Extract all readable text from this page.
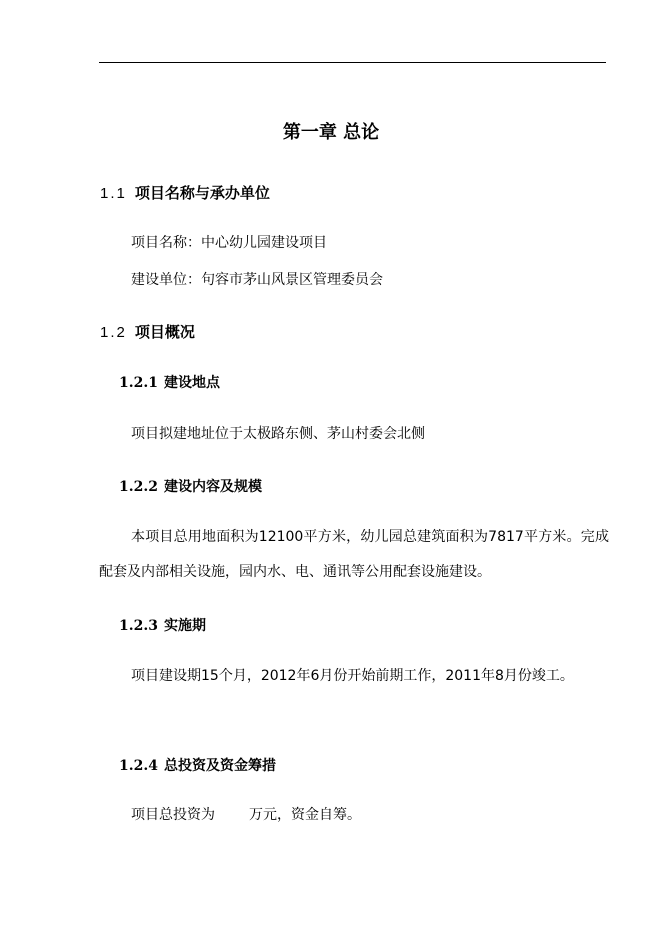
第一章 总论
1.1 项目名称与承办单位
项目名称：中心幼儿园建设项目
建设单位：句容市茅山风景区管理委员会
1.2 项目概况
1.2.1 建设地点
项目拟建地址位于太极路东侧、茅山村委会北侧
1.2.2 建设内容及规模
本项目总用地面积为12100平方米，幼儿园总建筑面积为7817平方米。完成配套及内部相关设施，园内水、电、通讯等公用配套设施建设。
1.2.3 实施期
项目建设期15个月，2012年6月份开始前期工作，2011年8月份竣工。
1.2.4 总投资及资金筹措
项目总投资为 万元，资金自筹。
